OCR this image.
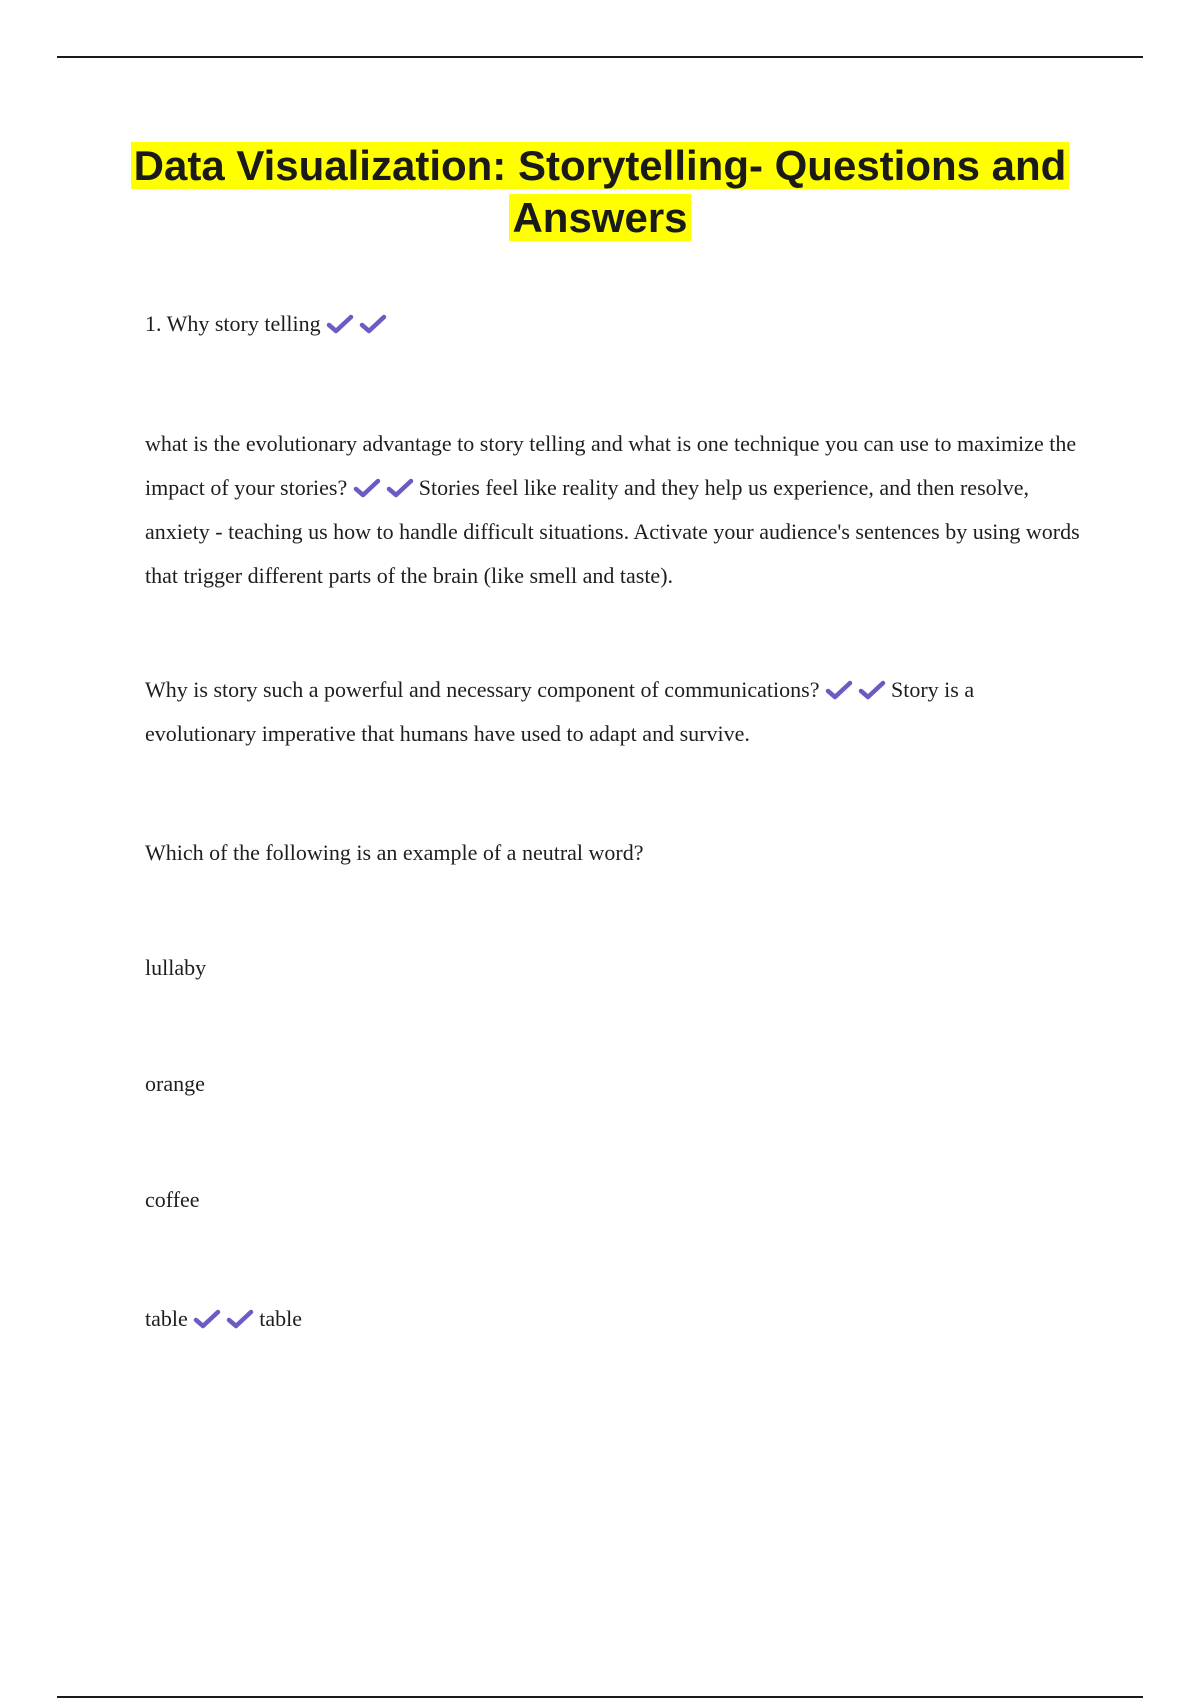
Data Visualization: Storytelling- Questions and Answers

1. Why story telling

what is the evolutionary advantage to story telling and what is one technique you can use to maximize the impact of your stories?	Stories feel like reality and they help us experience, and then resolve, anxiety - teaching us how to handle difficult situations. Activate your audience's sentences by using words that trigger different parts of the brain (like smell and taste).

Why is story such a powerful and necessary component of communications?	Story is a evolutionary imperative that humans have used to adapt and survive.

Which of the following is an example of a neutral word?

lullaby

orange

coffee

table	table
